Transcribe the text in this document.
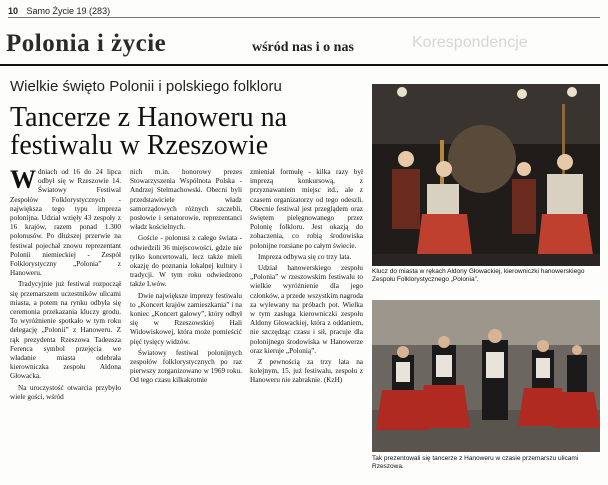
10 Samo Życie 19 (283)
Korespondencje
Polonia i życie	wśród nas i o nas
Wielkie święto Polonii i polskiego folkloru
Tancerze z Hanoweru na festiwalu w Rzeszowie

Wdniach od 16 do 24 lipca odbył się w Rzeszowie 14. Światowy Festiwal Zespołów Folklorystycznych - największa tego typu impreza polonijna. Udział wzięły 43 zespoły z 16 krajów, razem ponad 1.300 polonusów. Po dłuższej przerwie na festiwal pojechał znowu reprezentant Polonii niemieckiej - Zespół Folklorystyczny „Polonia” z Hanoweru.

Tradycyjnie już festiwal rozpoczął się przemarszem uczestników ulicami miasta, a potem na rynku odbyła się ceremonia przekazania kluczy grodu. To wyróżnienie spotkało w tym roku delegację „Polonii” z Hanoweru. Z rąk prezydenta Rzeszowa Tadeusza Ferenca symbol przejęcia we władanie miasta odebrała kierowniczka zespołu Aldona Głowacka.

Na uroczystość otwarcia przybyło wiele gości, wśród

nich m.in. honorowy prezes Stowarzyszenia Wspólnota Polska - Andrzej Stelmachowski. Obecni byli przedstawiciele władz samorządowych różnych szczebli, posłowie i senatorowie, reprezentanci władz kościelnych.

Goście - polonusi z całego świata - odwiedzili 36 miejscowości, gdzie nie tylko koncertowali, lecz także mieli okazję do poznania lokalnej kultury i tradycji. W tym roku odwiedzono także Lwów.

Dwie największe imprezy festiwalu to „Koncert krajów zamieszkania” i na koniec „Koncert galowy”, który odbył się w Rzeszowskiej Hali Widowiskowej, która może pomieścić pięć tysięcy widzów.

Światowy festiwal polonijnych zespołów folklorystycznych po raz pierwszy zorganizowano w 1969 roku. Od tego czasu kilkakrotnie

zmieniał formułę - kilka razy był imprezą konkursową, z przyznawaniem miejsc itd., ale z czasem organizatorzy od tego odeszli. Obecnie festiwal jest przeglądem oraz świętem pielęgnowanego przez Polonię folkloru. Jest okazją do zobaczenia, co robią środowiska polonijne rozsiane po całym świecie.

Impreza odbywa się co trzy lata.

Udział hanowerskiego zespołu „Polonia” w rzeszowskim festiwalu to wielkie wyróżnienie dla jego członków, a przede wszystkim nagroda za wylewany na próbach pot. Wielka w tym zasługa kierowniczki zespołu Aldony Głowackiej, która z oddaniem, nie szczędząc czasu i sił, pracuje dla polonijnego środowiska w Hanowerze oraz kieruje „Polonią”.

Z pewnością za trzy lata na kolejnym, 15. już festiwalu, zespołu z Hanoweru nie zabraknie. (KzH)

Klucz do miasta w rękach Aldony Głowackiej, kierowniczki hanowerskiego Zespołu Folklorystycznego „Polonia”.
Tak prezentowali się tancerze z Hanoweru w czasie przemarszu ulicami Rzeszowa.
